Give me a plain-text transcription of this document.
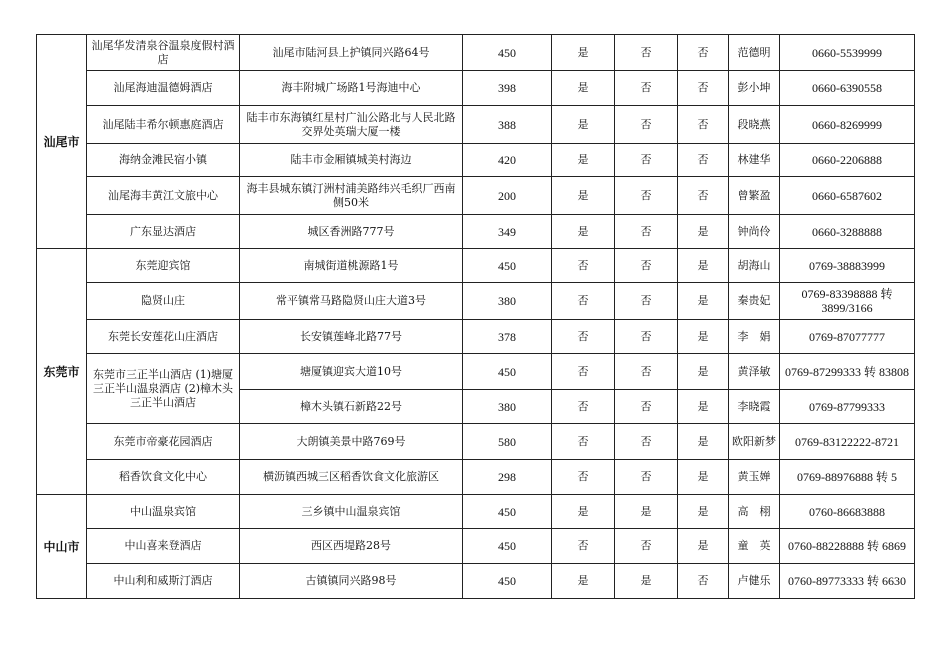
汕尾市	汕尾华发清泉谷温泉度假村酒店	汕尾市陆河县上护镇同兴路64号	450	是	否	否	范德明	0660-5539999
	汕尾海迪温德姆酒店	海丰附城广场路1号海迪中心	398	是	否	否	彭小坤	0660-6390558
	汕尾陆丰希尔顿惠庭酒店	陆丰市东海镇红星村广汕公路北与人民北路交界处英瑞大厦一楼	388	是	否	否	段晓燕	0660-8269999
	海纳金滩民宿小镇	陆丰市金厢镇城美村海边	420	是	否	否	林建华	0660-2206888
	汕尾海丰黄江文旅中心	海丰县城东镇汀洲村浦美路纬兴毛织厂西南侧50米	200	是	否	否	曾繁盈	0660-6587602
	广东显达酒店	城区香洲路777号	349	是	否	是	钟尚伶	0660-3288888
东莞市	东莞迎宾馆	南城街道桃源路1号	450	否	否	是	胡海山	0769-38883999
	隐贤山庄	常平镇常马路隐贤山庄大道3号	380	否	否	是	秦贵妃	0769-83398888 转 3899/3166
	东莞长安莲花山庄酒店	长安镇莲峰北路77号	378	否	否	是	李　娟	0769-87077777
	东莞市三正半山酒店 (1)塘厦三正半山温泉酒店 (2)樟木头三正半山酒店	塘厦镇迎宾大道10号	450	否	否	是	黄泽敏	0769-87299333 转 83808
		樟木头镇石新路22号	380	否	否	是	李晓霞	0769-87799333
	东莞市帝豪花园酒店	大朗镇美景中路769号	580	否	否	是	欧阳新梦	0769-83122222-8721
	稻香饮食文化中心	横沥镇西城三区稻香饮食文化旅游区	298	否	否	是	黄玉婵	0769-88976888 转 5
中山市	中山温泉宾馆	三乡镇中山温泉宾馆	450	是	是	是	高　栩	0760-86683888
	中山喜来登酒店	西区西堤路28号	450	否	否	是	童　英	0760-88228888 转 6869
	中山利和威斯汀酒店	古镇镇同兴路98号	450	是	是	否	卢健乐	0760-89773333 转 6630
